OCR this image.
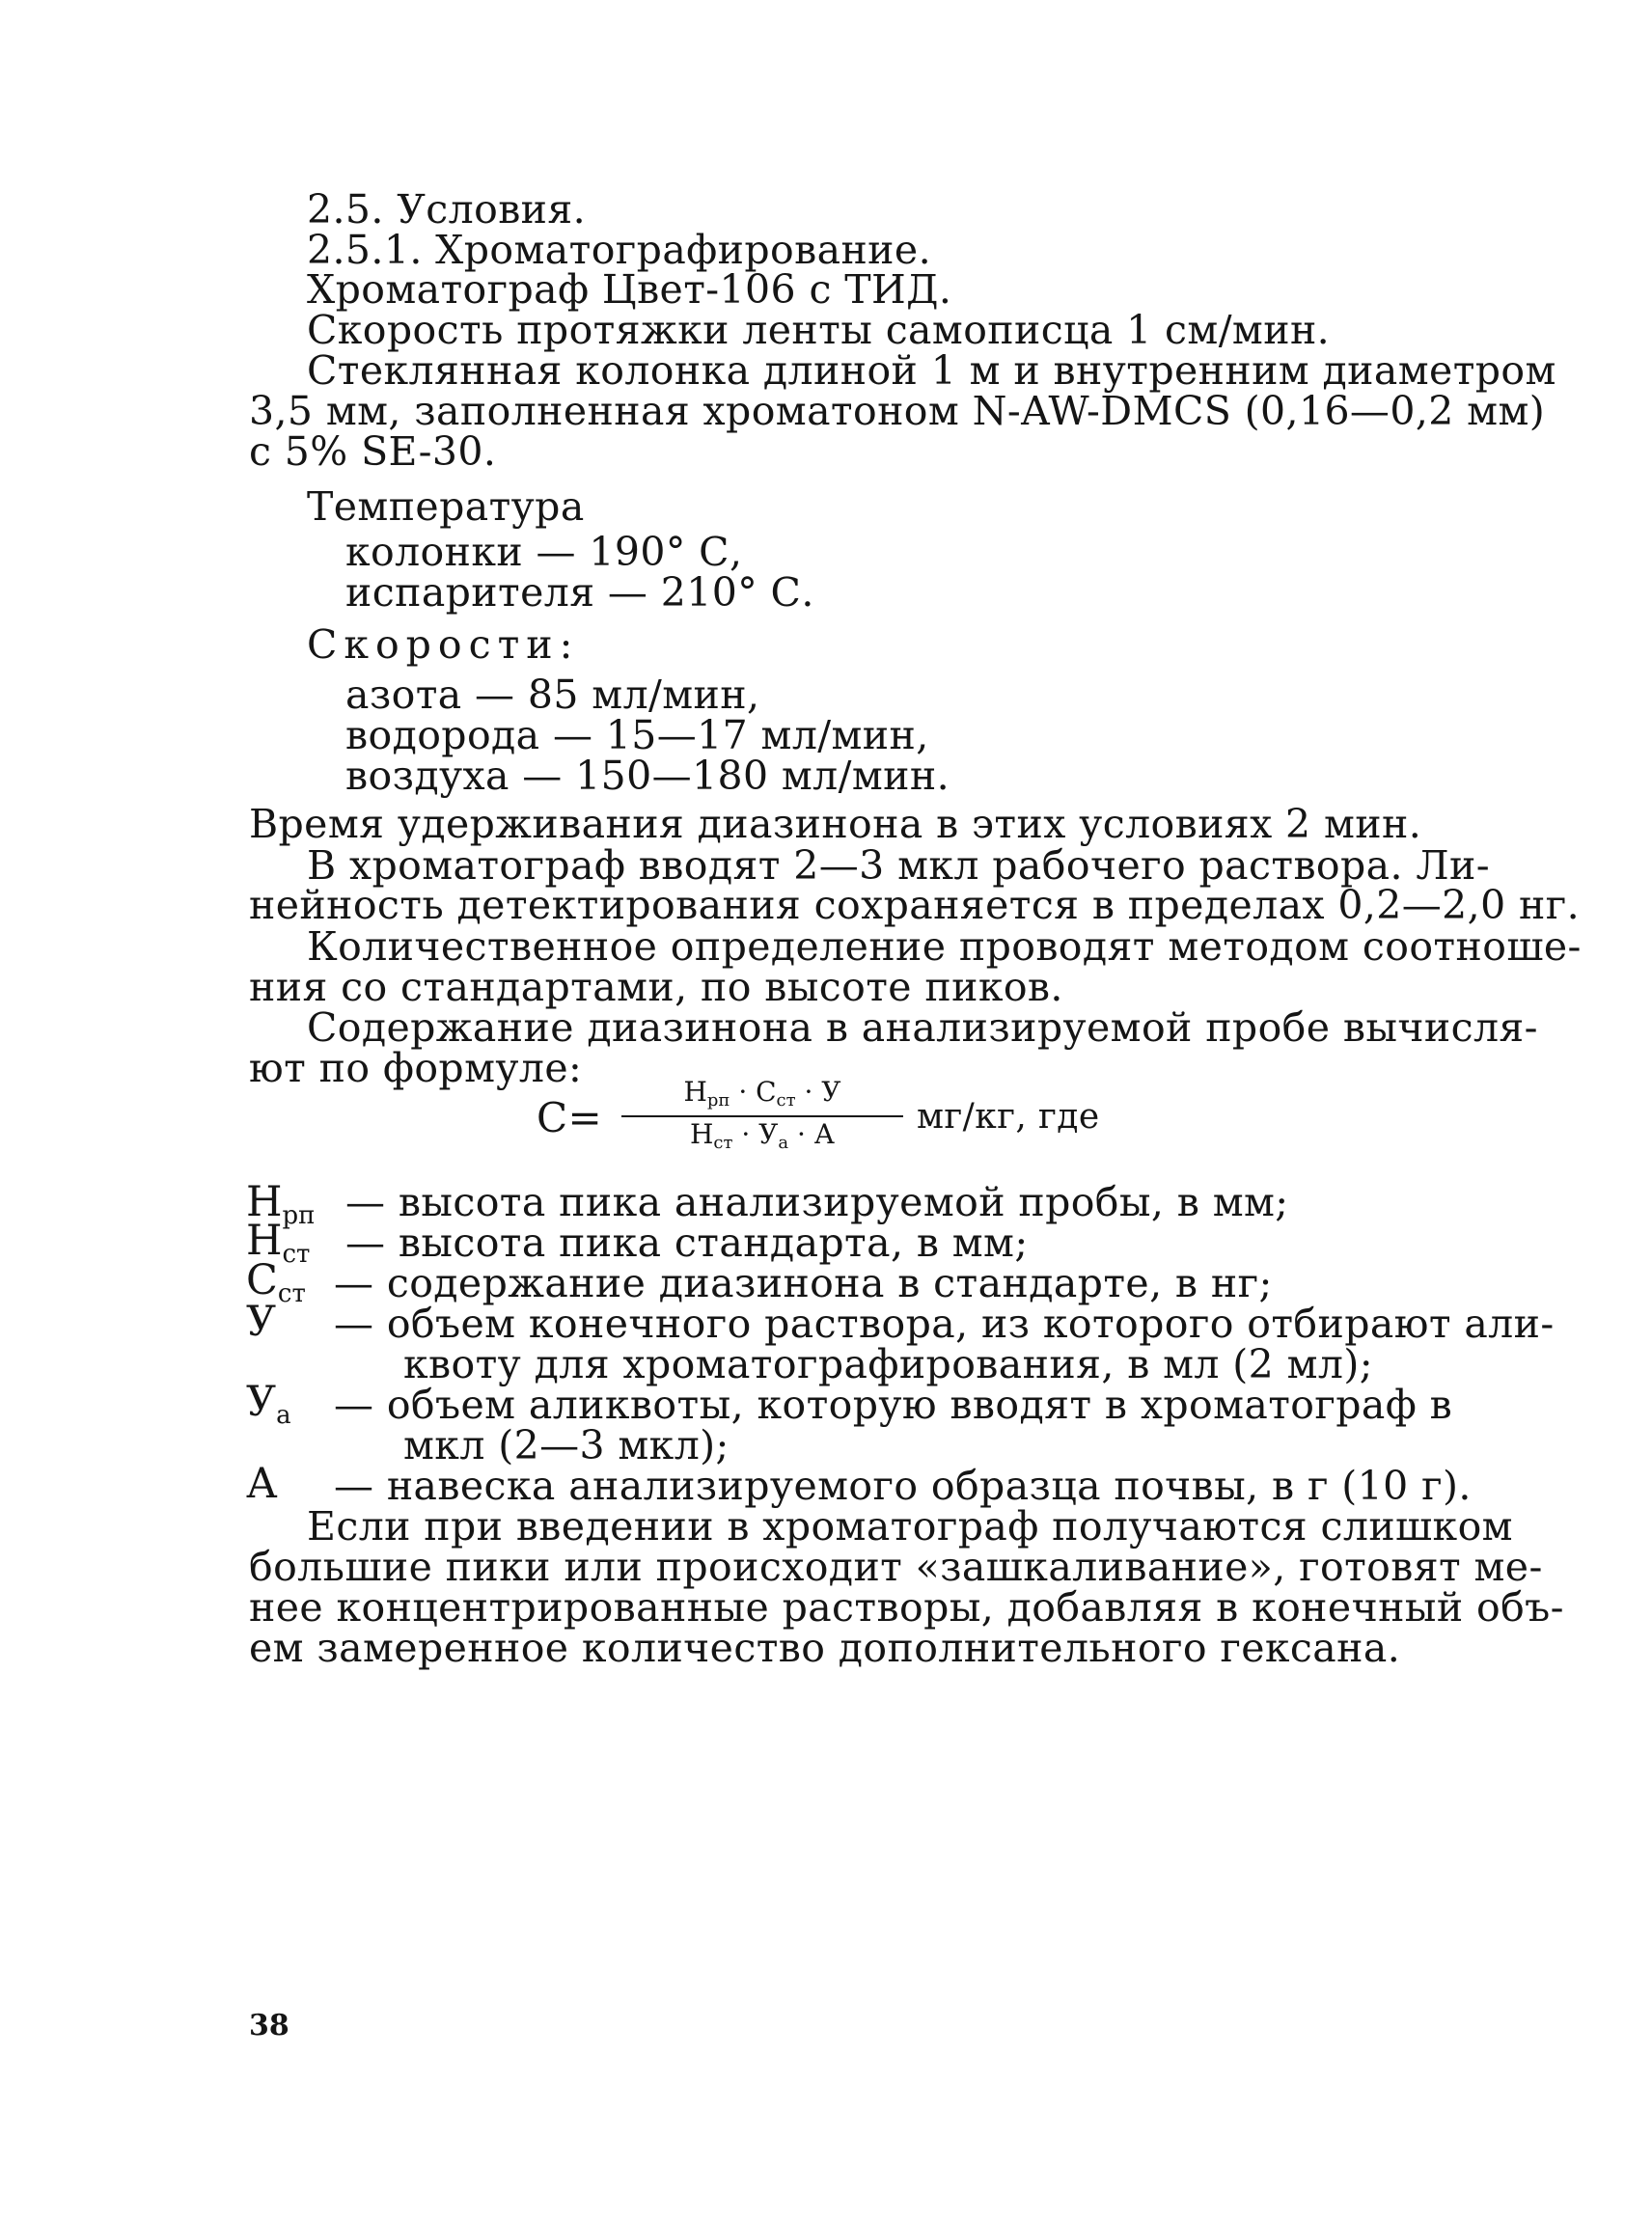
2.5. Условия.
2.5.1. Хроматографирование.
Хроматограф Цвет-106 с ТИД.
Скорость протяжки ленты самописца 1 см/мин.
Стеклянная колонка длиной 1 м и внутренним диаметром
3,5 мм, заполненная хроматоном N-AW-DMCS (0,16—0,2 мм)
с 5% SE-30.
Температура
колонки — 190° С,
испарителя — 210° С.
Скорости:
азота — 85 мл/мин,
водорода — 15—17 мл/мин,
воздуха — 150—180 мл/мин.
Время удерживания диазинона в этих условиях 2 мин.
В хроматограф вводят 2—3 мкл рабочего раствора. Ли-
нейность детектирования сохраняется в пределах 0,2—2,0 нг.
Количественное определение проводят методом соотноше-
ния со стандартами, по высоте пиков.
Содержание диазинона в анализируемой пробе вычисля-
ют по формуле:
С=
$Н_{рп} \cdot С_{ст} \cdot У$
$Н_{ст} \cdot У_а \cdot А$	мг/кг, где
$Н_{рп}$ — высота пика анализируемой пробы, в мм;
$Н_{ст}$ — высота пика стандарта, в мм;
$С_{ст}$ — содержание диазинона в стандарте, в нг;
У — объем конечного раствора, из которого отбирают али-
квоту для хроматографирования, в мл (2 мл);
$У_а$ — объем аликвоты, которую вводят в хроматограф в
мкл (2—3 мкл);
А — навеска анализируемого образца почвы, в г (10 г).
Если при введении в хроматограф получаются слишком
большие пики или происходит «зашкаливание», готовят ме-
нее концентрированные растворы, добавляя в конечный объ-
ем замеренное количество дополнительного гексана.
38
